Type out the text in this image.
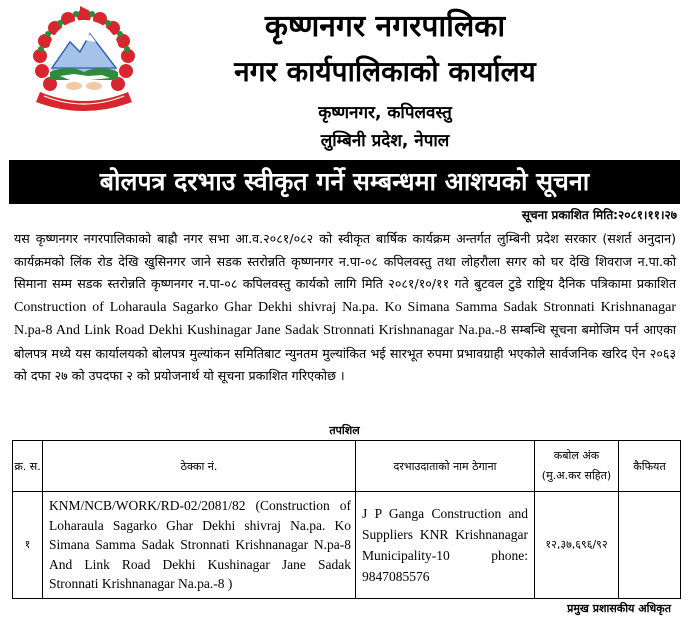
कृष्णनगर नगरपालिका
नगर कार्यपालिकाको कार्यालय
कृष्णनगर, कपिलवस्तु
लुम्बिनी प्रदेश, नेपाल
बोलपत्र दरभाउ स्वीकृत गर्ने सम्बन्धमा आशयको सूचना
सूचना प्रकाशित मिति:२०८१।११।२७
यस कृष्णनगर नगरपालिकाको बाह्रौ नगर सभा आ.व.२०८१/०८२ को स्वीकृत बार्षिक कार्यक्रम अन्तर्गत लुम्बिनी प्रदेश सरकार (सशर्त अनुदान) कार्यक्रमको लिंक रोड देखि खुसिनगर जाने सडक स्तरोन्नति कृष्णनगर न.पा-०८ कपिलवस्तु तथा लोहरौला सगर को घर देखि शिवराज न.पा.को सिमाना सम्म सडक स्तरोन्नति कृष्णनगर न.पा-०८ कपिलवस्तु कार्यको लागि मिति २०८१/१०/११ गते बुटवल टुडे राष्ट्रिय दैनिक पत्रिकामा प्रकाशित Construction of Loharaula Sagarko Ghar Dekhi shivraj Na.pa. Ko Simana Samma Sadak Stronnati Krishnanagar N.pa-8 And Link Road Dekhi Kushinagar Jane Sadak Stronnati Krishnanagar Na.pa.-8 सम्बन्धि सूचना बमोजिम पर्न आएका बोलपत्र मध्ये यस कार्यालयको बोलपत्र मुल्यांकन समितिबाट न्युनतम मुल्यांकित भई सारभूत रुपमा प्रभावग्राही भएकोले सार्वजनिक खरिद ऐन २०६३ को दफा २७ को उपदफा २ को प्रयोजनार्थ यो सूचना प्रकाशित गरिएकोछ ।
तपशिल
क्र. स.	ठेक्का नं.	दरभाउदाताको नाम ठेगाना	कबोल अंक (मु.अ.कर सहित)	कैफियत
१	KNM/NCB/WORK/RD-02/2081/82 (Construction of Loharaula Sagarko Ghar Dekhi shivraj Na.pa. Ko Simana Samma Sadak Stronnati Krishnanagar N.pa-8 And Link Road Dekhi Kushinagar Jane Sadak Stronnati Krishnanagar Na.pa.-8 )	J P Ganga Construction and Suppliers KNR Krishnanagar Municipality-10 phone: 9847085576	१२,३७,६९६/९२	
प्रमुख प्रशासकीय अधिकृत
